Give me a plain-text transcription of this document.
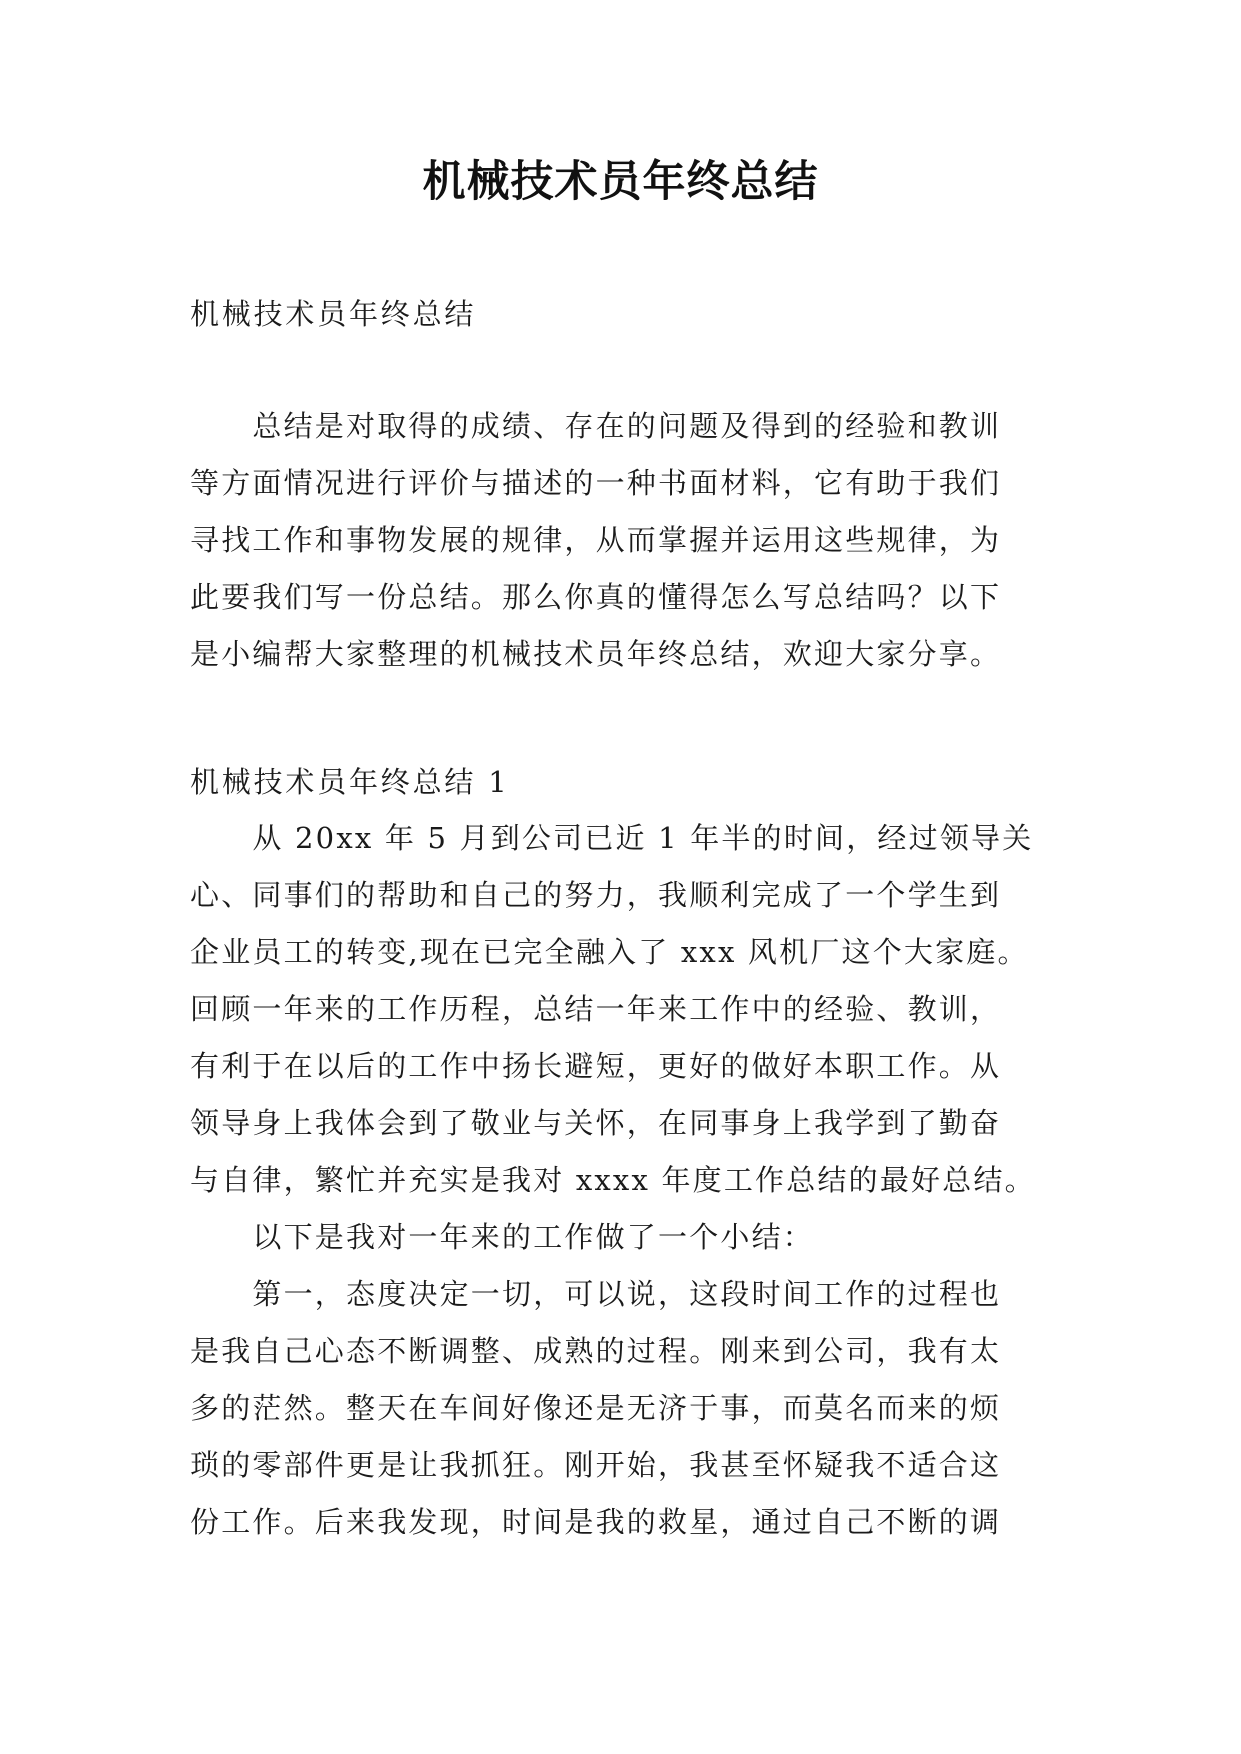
机械技术员年终总结

机械技术员年终总结

　　总结是对取得的成绩、存在的问题及得到的经验和教训

等方面情况进行评价与描述的一种书面材料，它有助于我们

寻找工作和事物发展的规律，从而掌握并运用这些规律，为

此要我们写一份总结。那么你真的懂得怎么写总结吗？以下

是小编帮大家整理的机械技术员年终总结，欢迎大家分享。

机械技术员年终总结 1

　　从 20xx 年 5 月到公司已近 1 年半的时间，经过领导关

心、同事们的帮助和自己的努力，我顺利完成了一个学生到

企业员工的转变,现在已完全融入了 xxx 风机厂这个大家庭。

回顾一年来的工作历程，总结一年来工作中的经验、教训，

有利于在以后的工作中扬长避短，更好的做好本职工作。从

领导身上我体会到了敬业与关怀，在同事身上我学到了勤奋

与自律，繁忙并充实是我对 xxxx 年度工作总结的最好总结。

　　以下是我对一年来的工作做了一个小结：

　　第一，态度决定一切，可以说，这段时间工作的过程也

是我自己心态不断调整、成熟的过程。刚来到公司，我有太

多的茫然。整天在车间好像还是无济于事，而莫名而来的烦

琐的零部件更是让我抓狂。刚开始，我甚至怀疑我不适合这

份工作。后来我发现，时间是我的救星，通过自己不断的调
